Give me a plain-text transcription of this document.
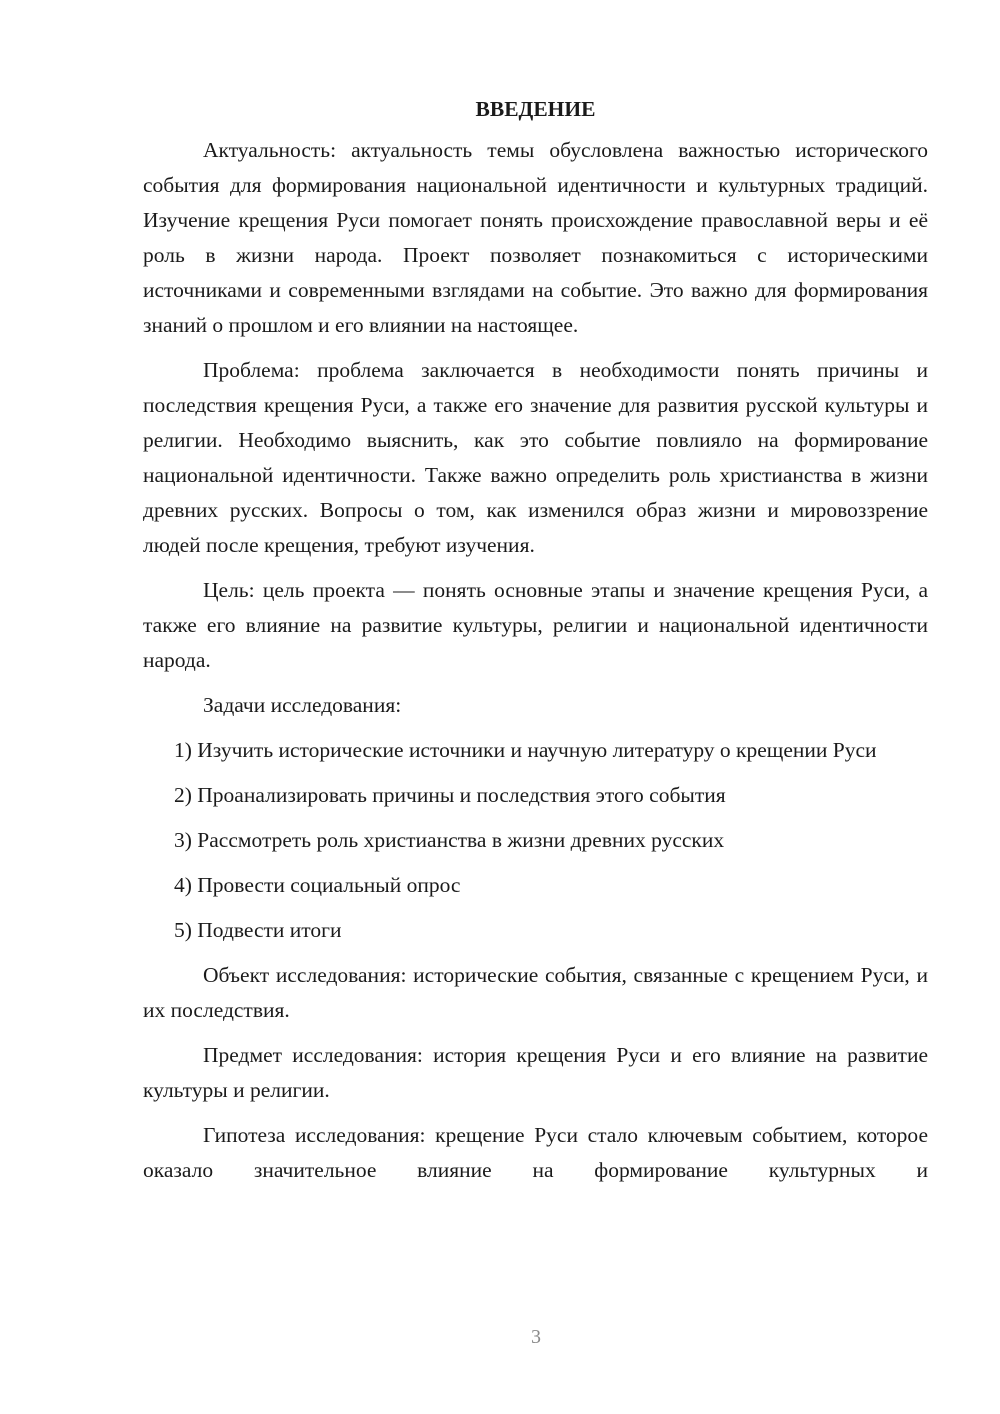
ВВЕДЕНИЕ

Актуальность: актуальность темы обусловлена важностью исторического события для формирования национальной идентичности и культурных традиций. Изучение крещения Руси помогает понять происхождение православной веры и её роль в жизни народа. Проект позволяет познакомиться с историческими источниками и современными взглядами на событие. Это важно для формирования знаний о прошлом и его влиянии на настоящее.

Проблема: проблема заключается в необходимости понять причины и последствия крещения Руси, а также его значение для развития русской культуры и религии. Необходимо выяснить, как это событие повлияло на формирование национальной идентичности. Также важно определить роль христианства в жизни древних русских. Вопросы о том, как изменился образ жизни и мировоззрение людей после крещения, требуют изучения.

Цель: цель проекта — понять основные этапы и значение крещения Руси, а также его влияние на развитие культуры, религии и национальной идентичности народа.

Задачи исследования:

1) Изучить исторические источники и научную литературу о крещении Руси

2) Проанализировать причины и последствия этого события

3) Рассмотреть роль христианства в жизни древних русских

4) Провести социальный опрос

5) Подвести итоги

Объект исследования: исторические события, связанные с крещением Руси, и их последствия.

Предмет исследования: история крещения Руси и его влияние на развитие культуры и религии.

Гипотеза исследования: крещение Руси стало ключевым событием, которое оказало значительное влияние на формирование культурных и

3
